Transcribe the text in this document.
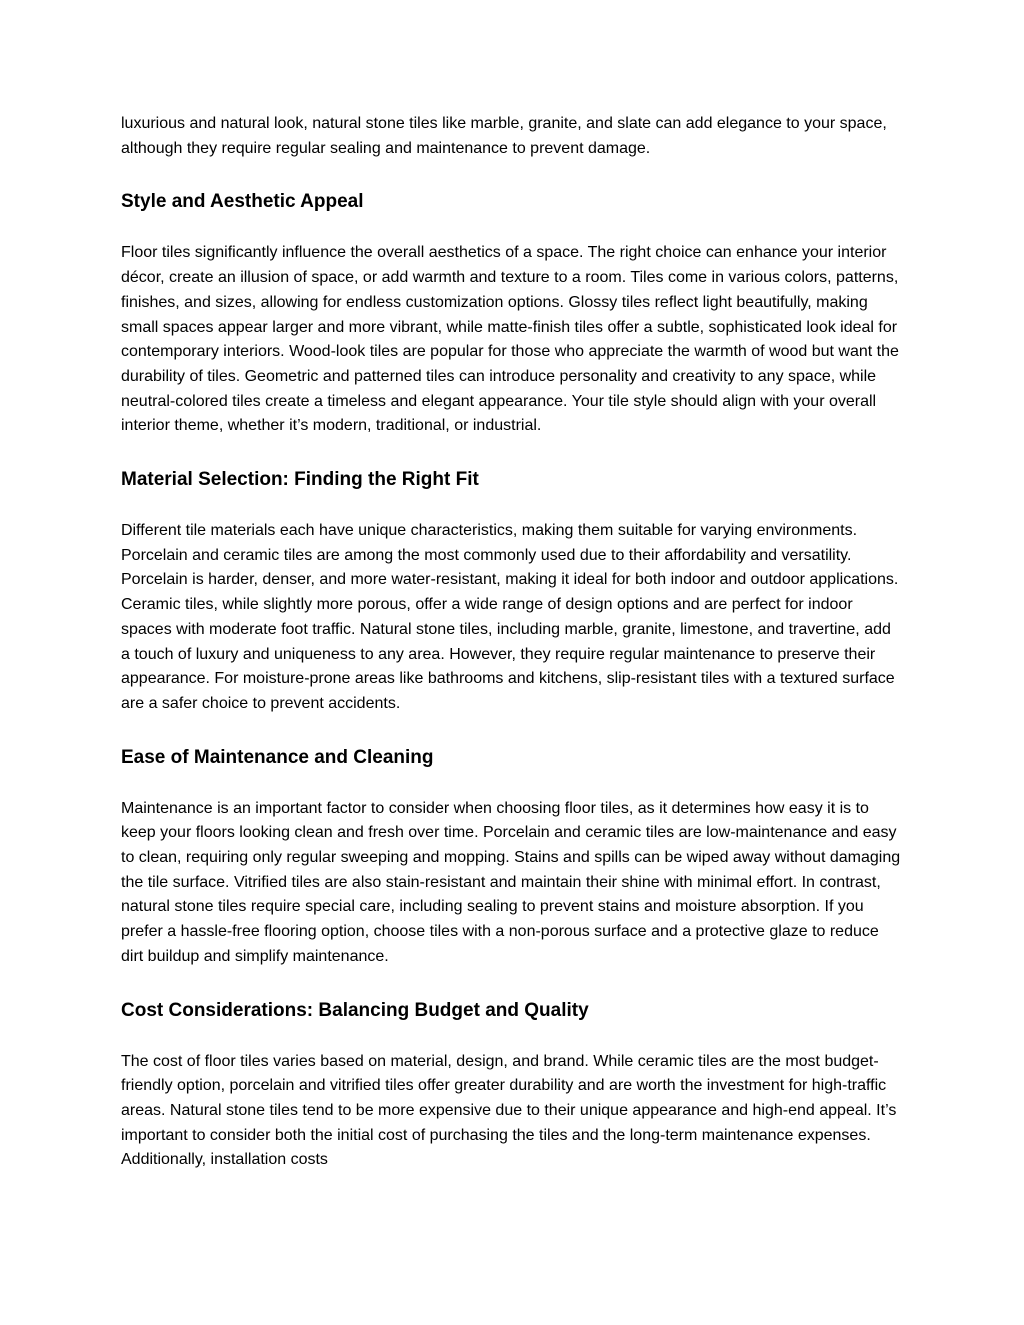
luxurious and natural look, natural stone tiles like marble, granite, and slate can add elegance to your space, although they require regular sealing and maintenance to prevent damage.

Style and Aesthetic Appeal

Floor tiles significantly influence the overall aesthetics of a space. The right choice can enhance your interior décor, create an illusion of space, or add warmth and texture to a room. Tiles come in various colors, patterns, finishes, and sizes, allowing for endless customization options. Glossy tiles reflect light beautifully, making small spaces appear larger and more vibrant, while matte-finish tiles offer a subtle, sophisticated look ideal for contemporary interiors. Wood-look tiles are popular for those who appreciate the warmth of wood but want the durability of tiles. Geometric and patterned tiles can introduce personality and creativity to any space, while neutral-colored tiles create a timeless and elegant appearance. Your tile style should align with your overall interior theme, whether it’s modern, traditional, or industrial.

Material Selection: Finding the Right Fit

Different tile materials each have unique characteristics, making them suitable for varying environments. Porcelain and ceramic tiles are among the most commonly used due to their affordability and versatility. Porcelain is harder, denser, and more water-resistant, making it ideal for both indoor and outdoor applications. Ceramic tiles, while slightly more porous, offer a wide range of design options and are perfect for indoor spaces with moderate foot traffic. Natural stone tiles, including marble, granite, limestone, and travertine, add a touch of luxury and uniqueness to any area. However, they require regular maintenance to preserve their appearance. For moisture-prone areas like bathrooms and kitchens, slip-resistant tiles with a textured surface are a safer choice to prevent accidents.

Ease of Maintenance and Cleaning

Maintenance is an important factor to consider when choosing floor tiles, as it determines how easy it is to keep your floors looking clean and fresh over time. Porcelain and ceramic tiles are low-maintenance and easy to clean, requiring only regular sweeping and mopping. Stains and spills can be wiped away without damaging the tile surface. Vitrified tiles are also stain-resistant and maintain their shine with minimal effort. In contrast, natural stone tiles require special care, including sealing to prevent stains and moisture absorption. If you prefer a hassle-free flooring option, choose tiles with a non-porous surface and a protective glaze to reduce dirt buildup and simplify maintenance.

Cost Considerations: Balancing Budget and Quality

The cost of floor tiles varies based on material, design, and brand. While ceramic tiles are the most budget-friendly option, porcelain and vitrified tiles offer greater durability and are worth the investment for high-traffic areas. Natural stone tiles tend to be more expensive due to their unique appearance and high-end appeal. It’s important to consider both the initial cost of purchasing the tiles and the long-term maintenance expenses. Additionally, installation costs
